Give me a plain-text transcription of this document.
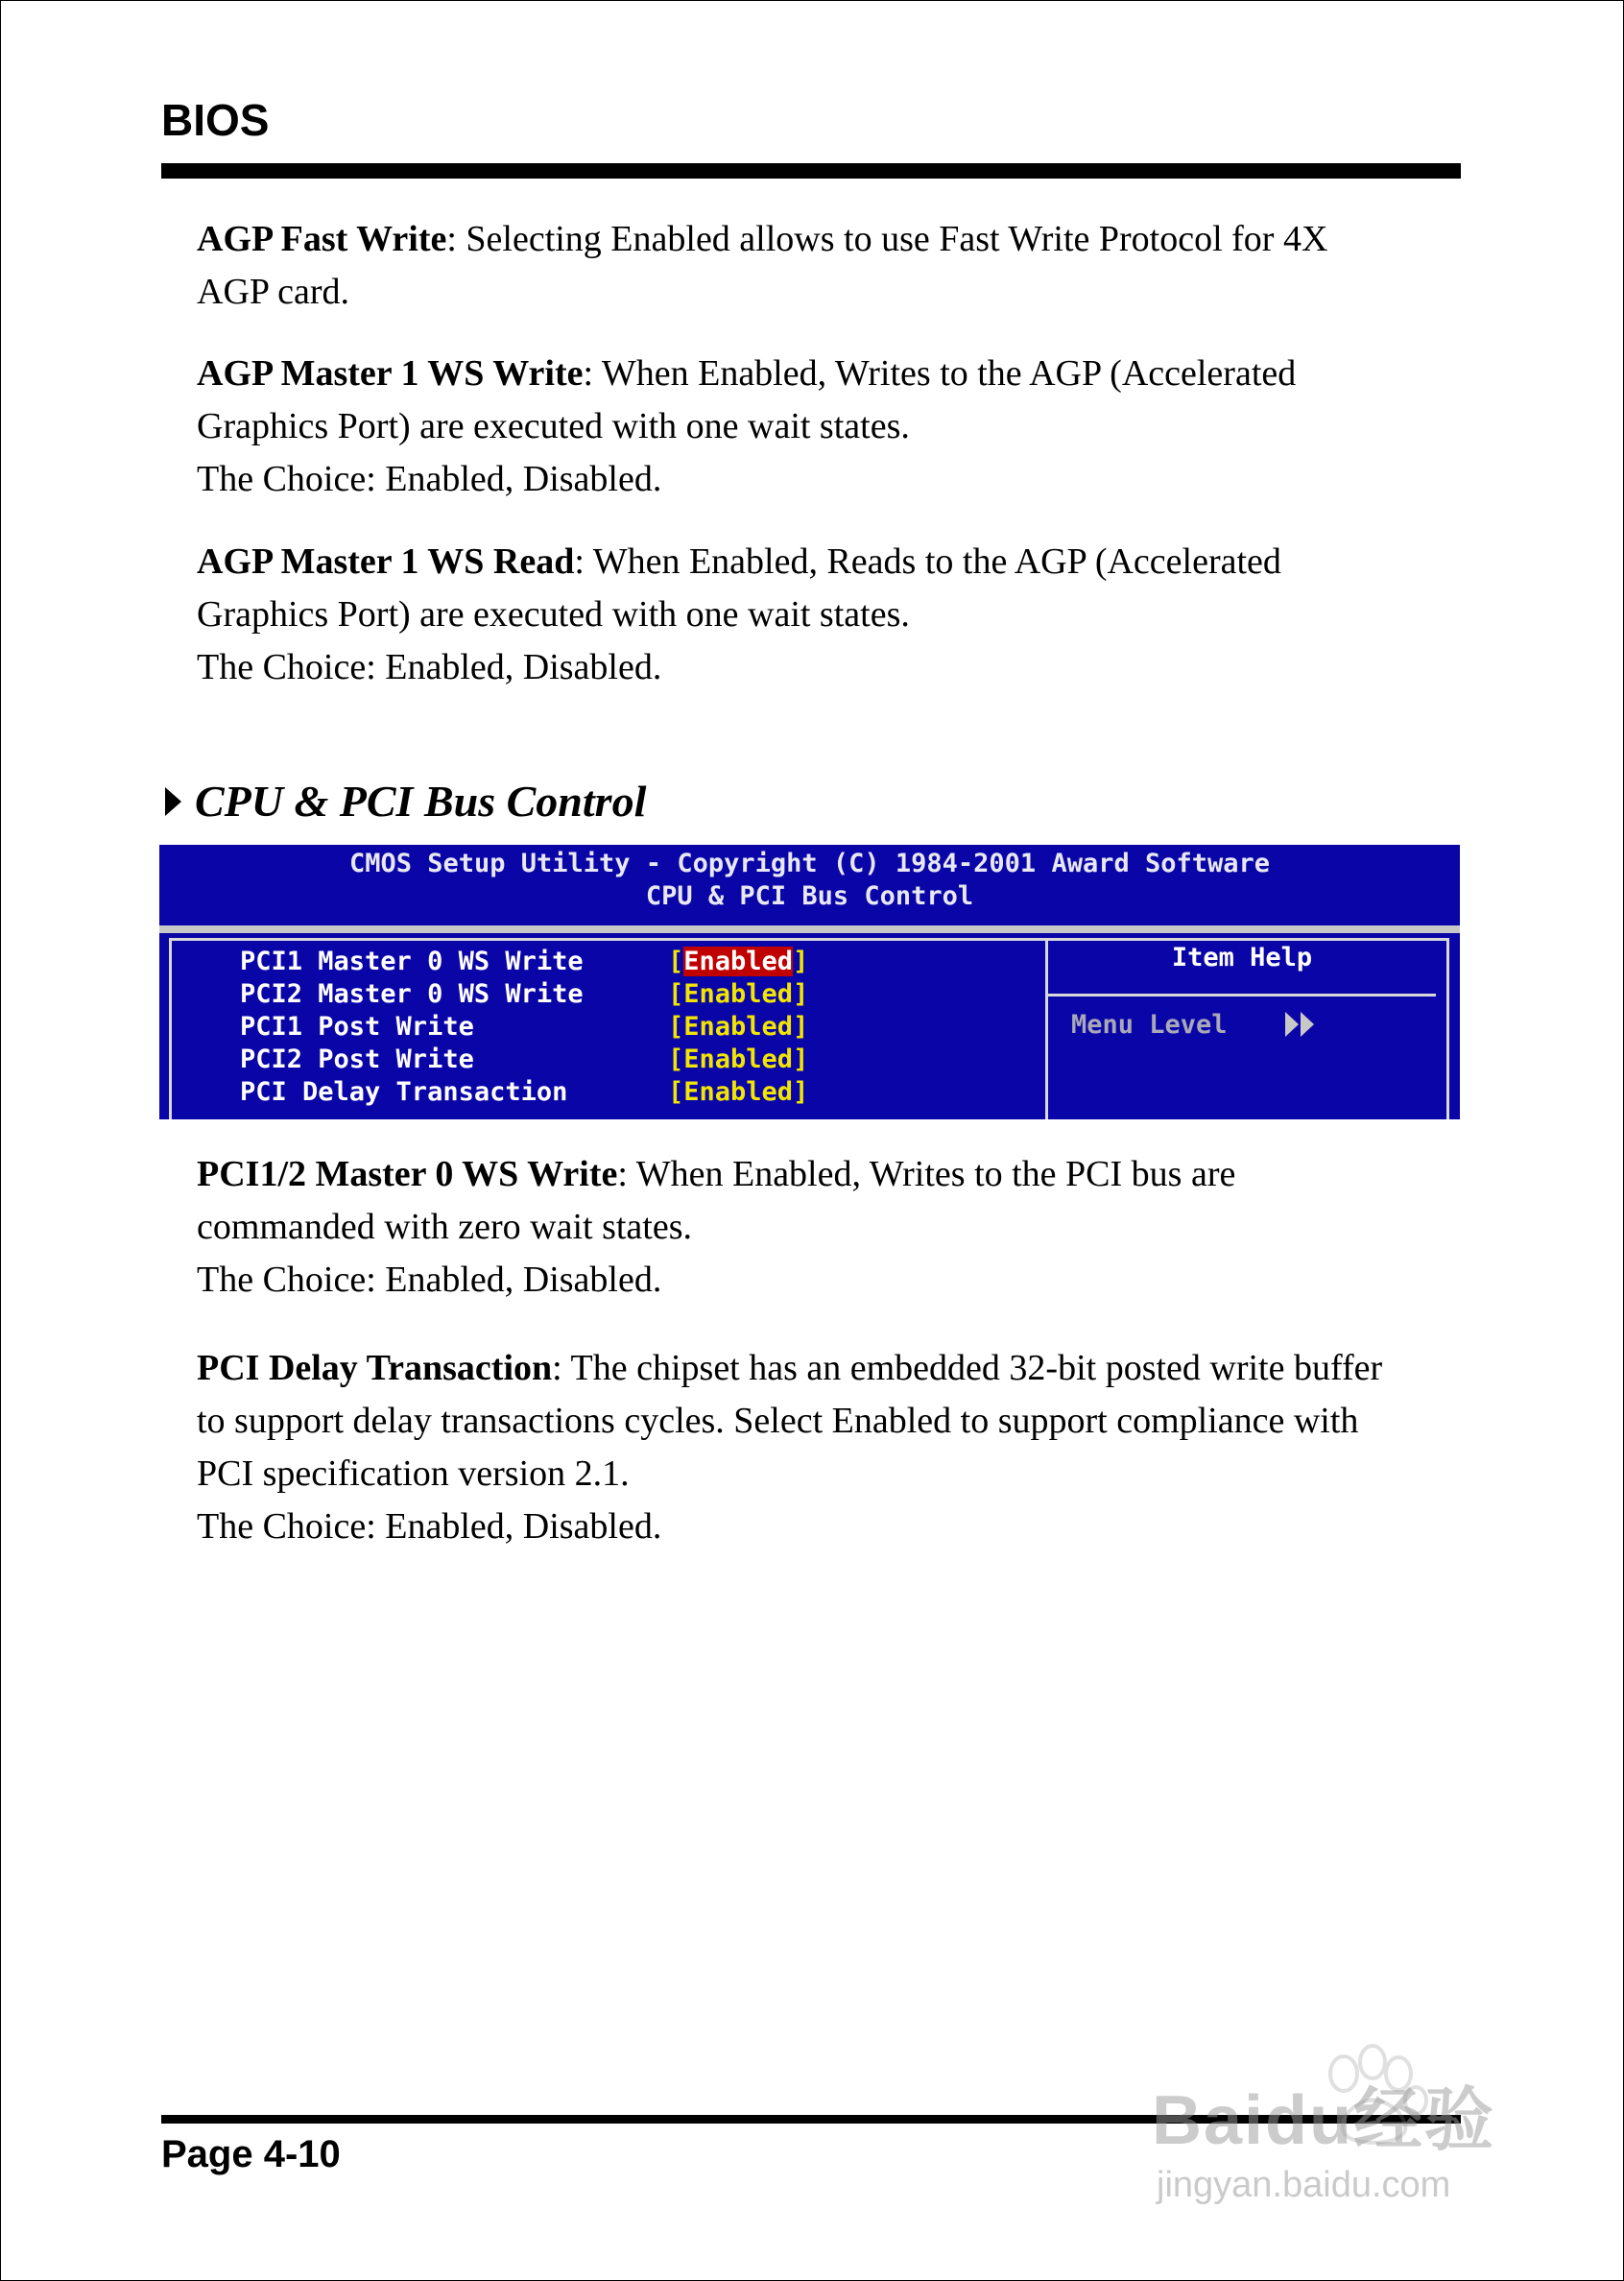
BIOS
AGP Fast Write: Selecting Enabled allows to use Fast Write Protocol for 4X
AGP card.
AGP Master 1 WS Write: When Enabled, Writes to the AGP (Accelerated
Graphics Port) are executed with one wait states.
The Choice: Enabled, Disabled.
AGP Master 1 WS Read: When Enabled, Reads to the AGP (Accelerated
Graphics Port) are executed with one wait states.
The Choice: Enabled, Disabled.
CPU & PCI Bus Control
CMOS Setup Utility - Copyright (C) 1984-2001 Award Software
CPU & PCI Bus Control
PCI1 Master 0 WS Write	[Enabled]
PCI2 Master 0 WS Write	[Enabled]
PCI1 Post Write	[Enabled]
PCI2 Post Write	[Enabled]
PCI Delay Transaction	[Enabled]
Item Help
Menu Level
PCI1/2 Master 0 WS Write: When Enabled, Writes to the PCI bus are
commanded with zero wait states.
The Choice: Enabled, Disabled.
PCI Delay Transaction: The chipset has an embedded 32-bit posted write buffer
to support delay transactions cycles. Select Enabled to support compliance with
PCI specification version 2.1.
The Choice: Enabled, Disabled.
Page 4-10	Baidu经验
jingyan.baidu.com
